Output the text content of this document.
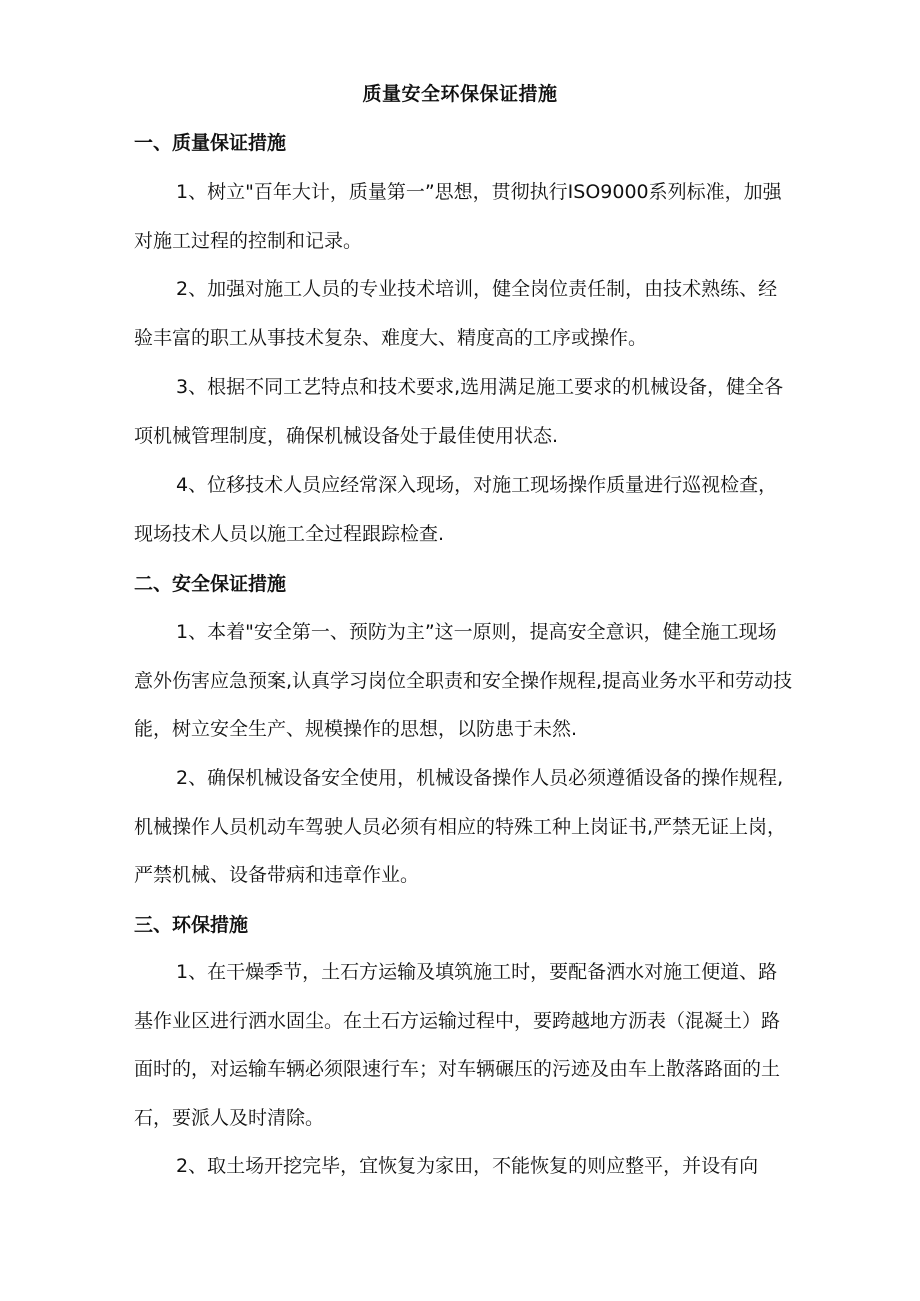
质量安全环保保证措施
一、质量保证措施

1、树立"百年大计，质量第一”思想，贯彻执行ISO9000系列标准，加强对施工过程的控制和记录。

2、加强对施工人员的专业技术培训，健全岗位责任制，由技术熟练、经验丰富的职工从事技术复杂、难度大、精度高的工序或操作。

3、根据不同工艺特点和技术要求,选用满足施工要求的机械设备，健全各项机械管理制度，确保机械设备处于最佳使用状态.

4、位移技术人员应经常深入现场，对施工现场操作质量进行巡视检查，现场技术人员以施工全过程跟踪检查.

二、安全保证措施

1、本着"安全第一、预防为主”这一原则，提高安全意识，健全施工现场意外伤害应急预案,认真学习岗位全职责和安全操作规程,提高业务水平和劳动技能，树立安全生产、规模操作的思想，以防患于未然.

2、确保机械设备安全使用，机械设备操作人员必须遵循设备的操作规程,机械操作人员机动车驾驶人员必须有相应的特殊工种上岗证书,严禁无证上岗，严禁机械、设备带病和违章作业。

三、环保措施

1、在干燥季节，土石方运输及填筑施工时，要配备洒水对施工便道、路基作业区进行洒水固尘。在土石方运输过程中，要跨越地方沥表（混凝土）路面时的，对运输车辆必须限速行车；对车辆碾压的污迹及由车上散落路面的土石，要派人及时清除。

2、取土场开挖完毕，宜恢复为家田，不能恢复的则应整平，并设有向
